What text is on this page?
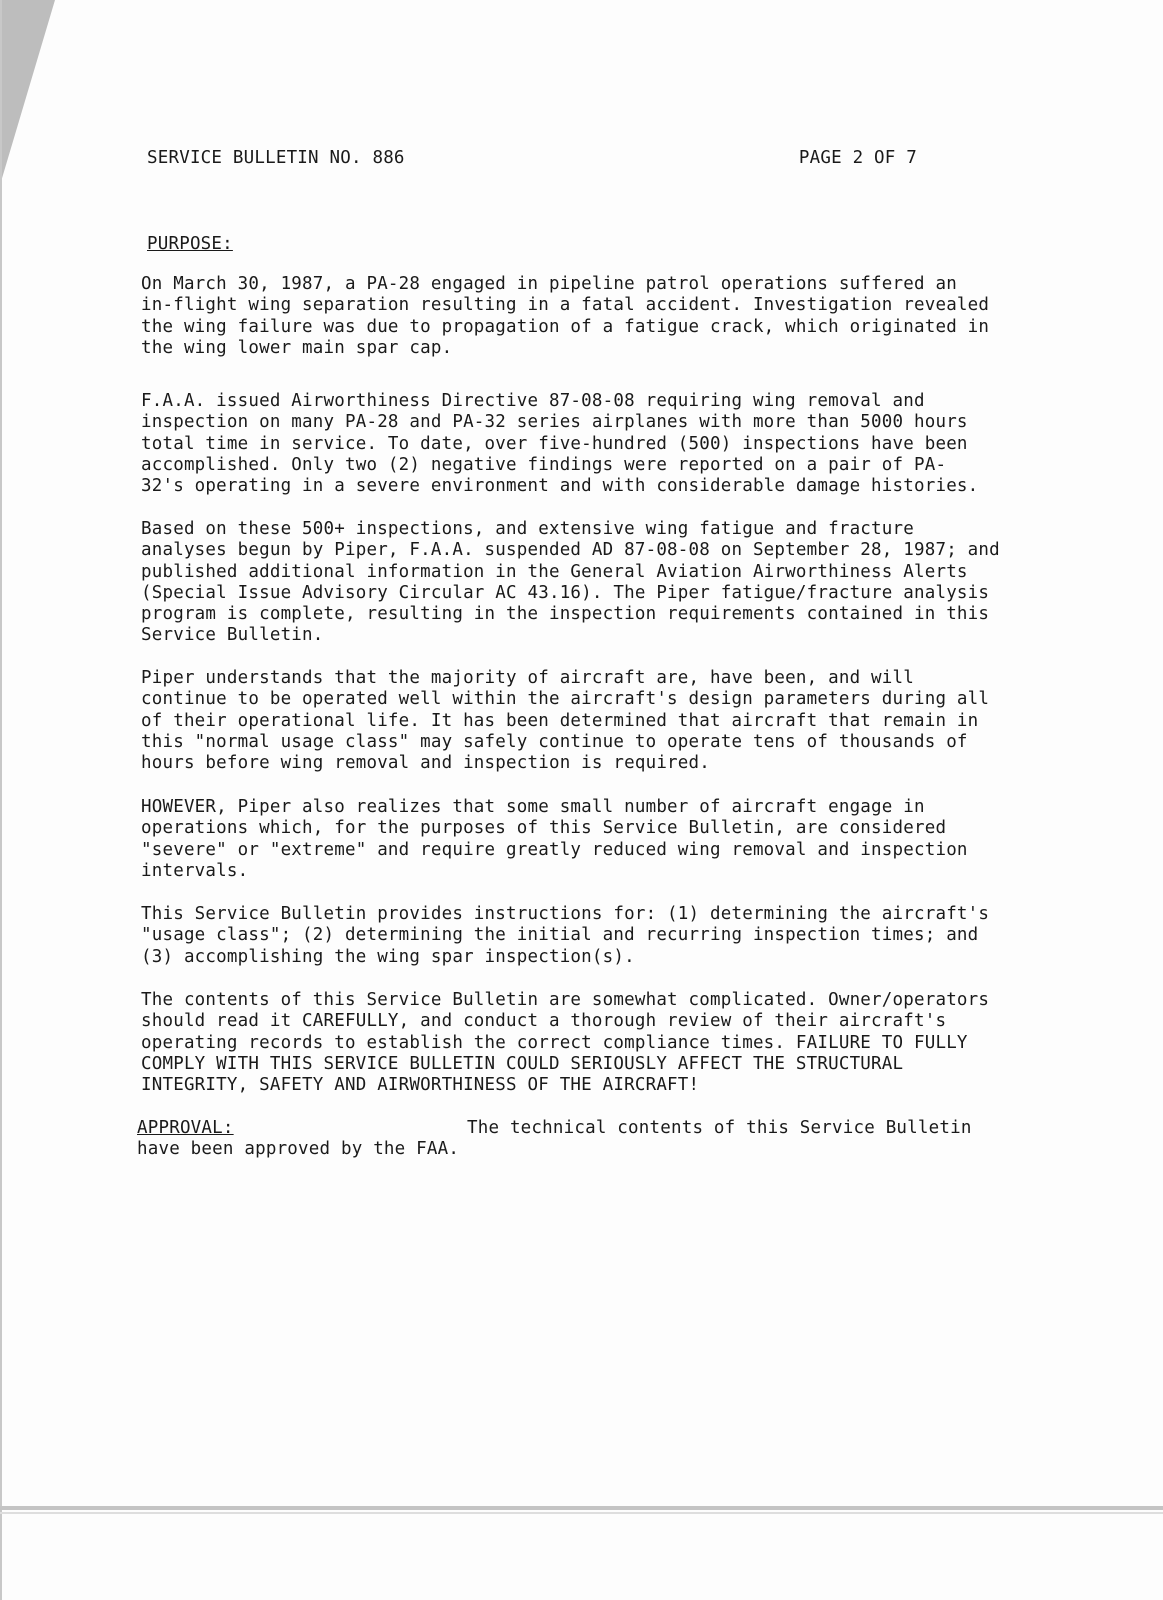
SERVICE BULLETIN NO. 886	PAGE 2 OF 7
PURPOSE:
On March 30, 1987, a PA-28 engaged in pipeline patrol operations suffered an
in-flight wing separation resulting in a fatal accident. Investigation revealed
the wing failure was due to propagation of a fatigue crack, which originated in
the wing lower main spar cap.
F.A.A. issued Airworthiness Directive 87-08-08 requiring wing removal and
inspection on many PA-28 and PA-32 series airplanes with more than 5000 hours
total time in service. To date, over five-hundred (500) inspections have been
accomplished. Only two (2) negative findings were reported on a pair of PA-
32's operating in a severe environment and with considerable damage histories.
Based on these 500+ inspections, and extensive wing fatigue and fracture
analyses begun by Piper, F.A.A. suspended AD 87-08-08 on September 28, 1987; and
published additional information in the General Aviation Airworthiness Alerts
(Special Issue Advisory Circular AC 43.16). The Piper fatigue/fracture analysis
program is complete, resulting in the inspection requirements contained in this
Service Bulletin.
Piper understands that the majority of aircraft are, have been, and will
continue to be operated well within the aircraft's design parameters during all
of their operational life. It has been determined that aircraft that remain in
this "normal usage class" may safely continue to operate tens of thousands of
hours before wing removal and inspection is required.
HOWEVER, Piper also realizes that some small number of aircraft engage in
operations which, for the purposes of this Service Bulletin, are considered
"severe" or "extreme" and require greatly reduced wing removal and inspection
intervals.
This Service Bulletin provides instructions for: (1) determining the aircraft's
"usage class"; (2) determining the initial and recurring inspection times; and
(3) accomplishing the wing spar inspection(s).
The contents of this Service Bulletin are somewhat complicated. Owner/operators
should read it CAREFULLY, and conduct a thorough review of their aircraft's
operating records to establish the correct compliance times. FAILURE TO FULLY
COMPLY WITH THIS SERVICE BULLETIN COULD SERIOUSLY AFFECT THE STRUCTURAL
INTEGRITY, SAFETY AND AIRWORTHINESS OF THE AIRCRAFT!
APPROVAL:	The technical contents of this Service Bulletin
have been approved by the FAA.
